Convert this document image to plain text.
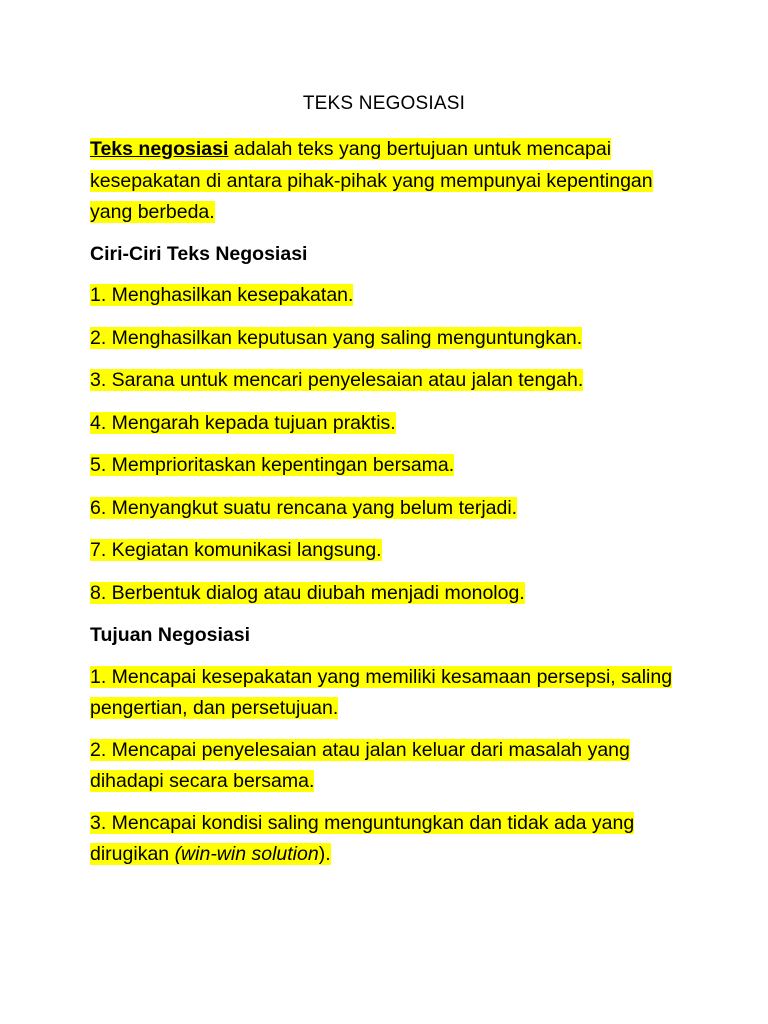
TEKS NEGOSIASI

Teks negosiasi adalah teks yang bertujuan untuk mencapai kesepakatan di antara pihak-pihak yang mempunyai kepentingan yang berbeda.

Ciri-Ciri Teks Negosiasi

1. Menghasilkan kesepakatan.

2. Menghasilkan keputusan yang saling menguntungkan.

3. Sarana untuk mencari penyelesaian atau jalan tengah.

4. Mengarah kepada tujuan praktis.

5. Memprioritaskan kepentingan bersama.

6. Menyangkut suatu rencana yang belum terjadi.

7. Kegiatan komunikasi langsung.

8. Berbentuk dialog atau diubah menjadi monolog.

Tujuan Negosiasi

1. Mencapai kesepakatan yang memiliki kesamaan persepsi, saling pengertian, dan persetujuan.

2. Mencapai penyelesaian atau jalan keluar dari masalah yang dihadapi secara bersama.

3. Mencapai kondisi saling menguntungkan dan tidak ada yang dirugikan (win-win solution).
